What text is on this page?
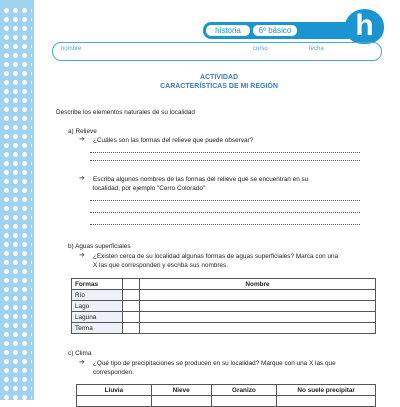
historia	6º básico	h
nombre	curso	fecha
ACTIVIDAD
CARACTERÍSTICAS DE MI REGIÓN
Describe los elementos naturales de su localidad
a) Relieve
➔ ¿Cuáles son las formas del relieve que puede observar?
➔ Escriba algunos nombres de las formas del relieve que se encuentran en su
localidad, por ejemplo "Cerro Colorado"
b) Aguas superficiales
➔ ¿Existen cerca de su localidad algunas formas de aguas superficiales? Marca con una
X las que corresponden y escriba sus nombres.
Formas		Nombre
Río		
Lago		
Laguna		
Terma		
c) Clima
➔ ¿Qué tipo de precipitaciones se producen en su localidad? Marque con una X las que
corresponden.
Lluvia	Nieve	Granizo	No suele precipitar
